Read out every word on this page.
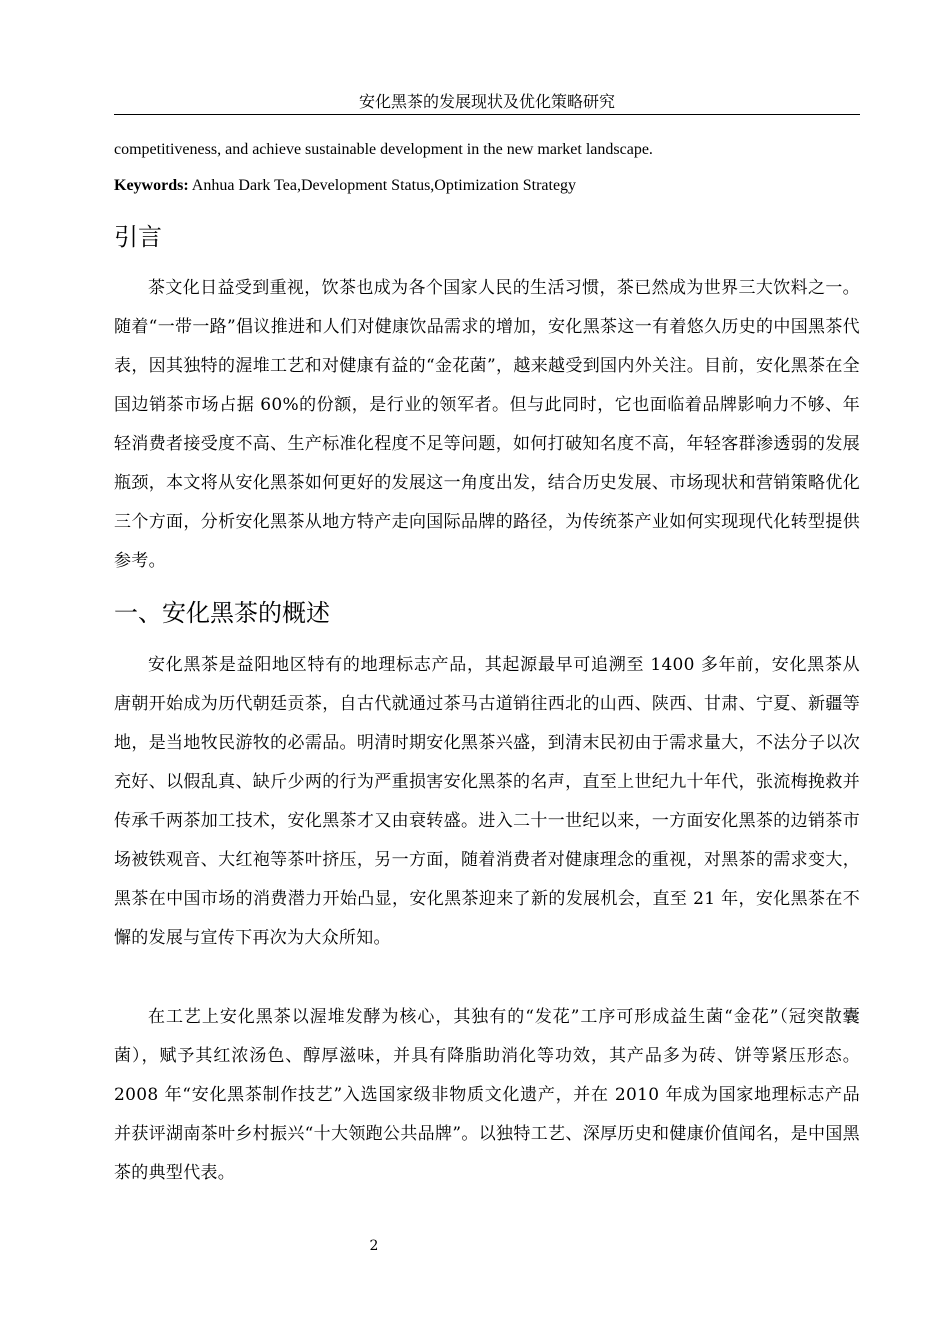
安化黑茶的发展现状及优化策略研究

competitiveness, and achieve sustainable development in the new market landscape.

Keywords: Anhua Dark Tea,Development Status,Optimization Strategy

引言

茶文化日益受到重视，饮茶也成为各个国家人民的生活习惯，茶已然成为世界三大饮料之一。随着“一带一路”倡议推进和人们对健康饮品需求的增加，安化黑茶这一有着悠久历史的中国黑茶代表，因其独特的渥堆工艺和对健康有益的“金花菌”，越来越受到国内外关注。目前，安化黑茶在全国边销茶市场占据 60%的份额，是行业的领军者。但与此同时，它也面临着品牌影响力不够、年轻消费者接受度不高、生产标准化程度不足等问题，如何打破知名度不高，年轻客群渗透弱的发展瓶颈，本文将从安化黑茶如何更好的发展这一角度出发，结合历史发展、市场现状和营销策略优化三个方面，分析安化黑茶从地方特产走向国际品牌的路径，为传统茶产业如何实现现代化转型提供参考。

一、安化黑茶的概述

安化黑茶是益阳地区特有的地理标志产品，其起源最早可追溯至 1400 多年前，安化黑茶从唐朝开始成为历代朝廷贡茶，自古代就通过茶马古道销往西北的山西、陕西、甘肃、宁夏、新疆等地，是当地牧民游牧的必需品。明清时期安化黑茶兴盛，到清末民初由于需求量大，不法分子以次充好、以假乱真、缺斤少两的行为严重损害安化黑茶的名声，直至上世纪九十年代，张流梅挽救并传承千两茶加工技术，安化黑茶才又由衰转盛。进入二十一世纪以来，一方面安化黑茶的边销茶市场被铁观音、大红袍等茶叶挤压，另一方面，随着消费者对健康理念的重视，对黑茶的需求变大，黑茶在中国市场的消费潜力开始凸显，安化黑茶迎来了新的发展机会，直至 21 年，安化黑茶在不懈的发展与宣传下再次为大众所知。

在工艺上安化黑茶以渥堆发酵为核心，其独有的“发花”工序可形成益生菌“金花”（冠突散囊菌），赋予其红浓汤色、醇厚滋味，并具有降脂助消化等功效，其产品多为砖、饼等紧压形态。2008 年“安化黑茶制作技艺”入选国家级非物质文化遗产，并在 2010 年成为国家地理标志产品并获评湖南茶叶乡村振兴“十大领跑公共品牌”。以独特工艺、深厚历史和健康价值闻名，是中国黑茶的典型代表。

2
